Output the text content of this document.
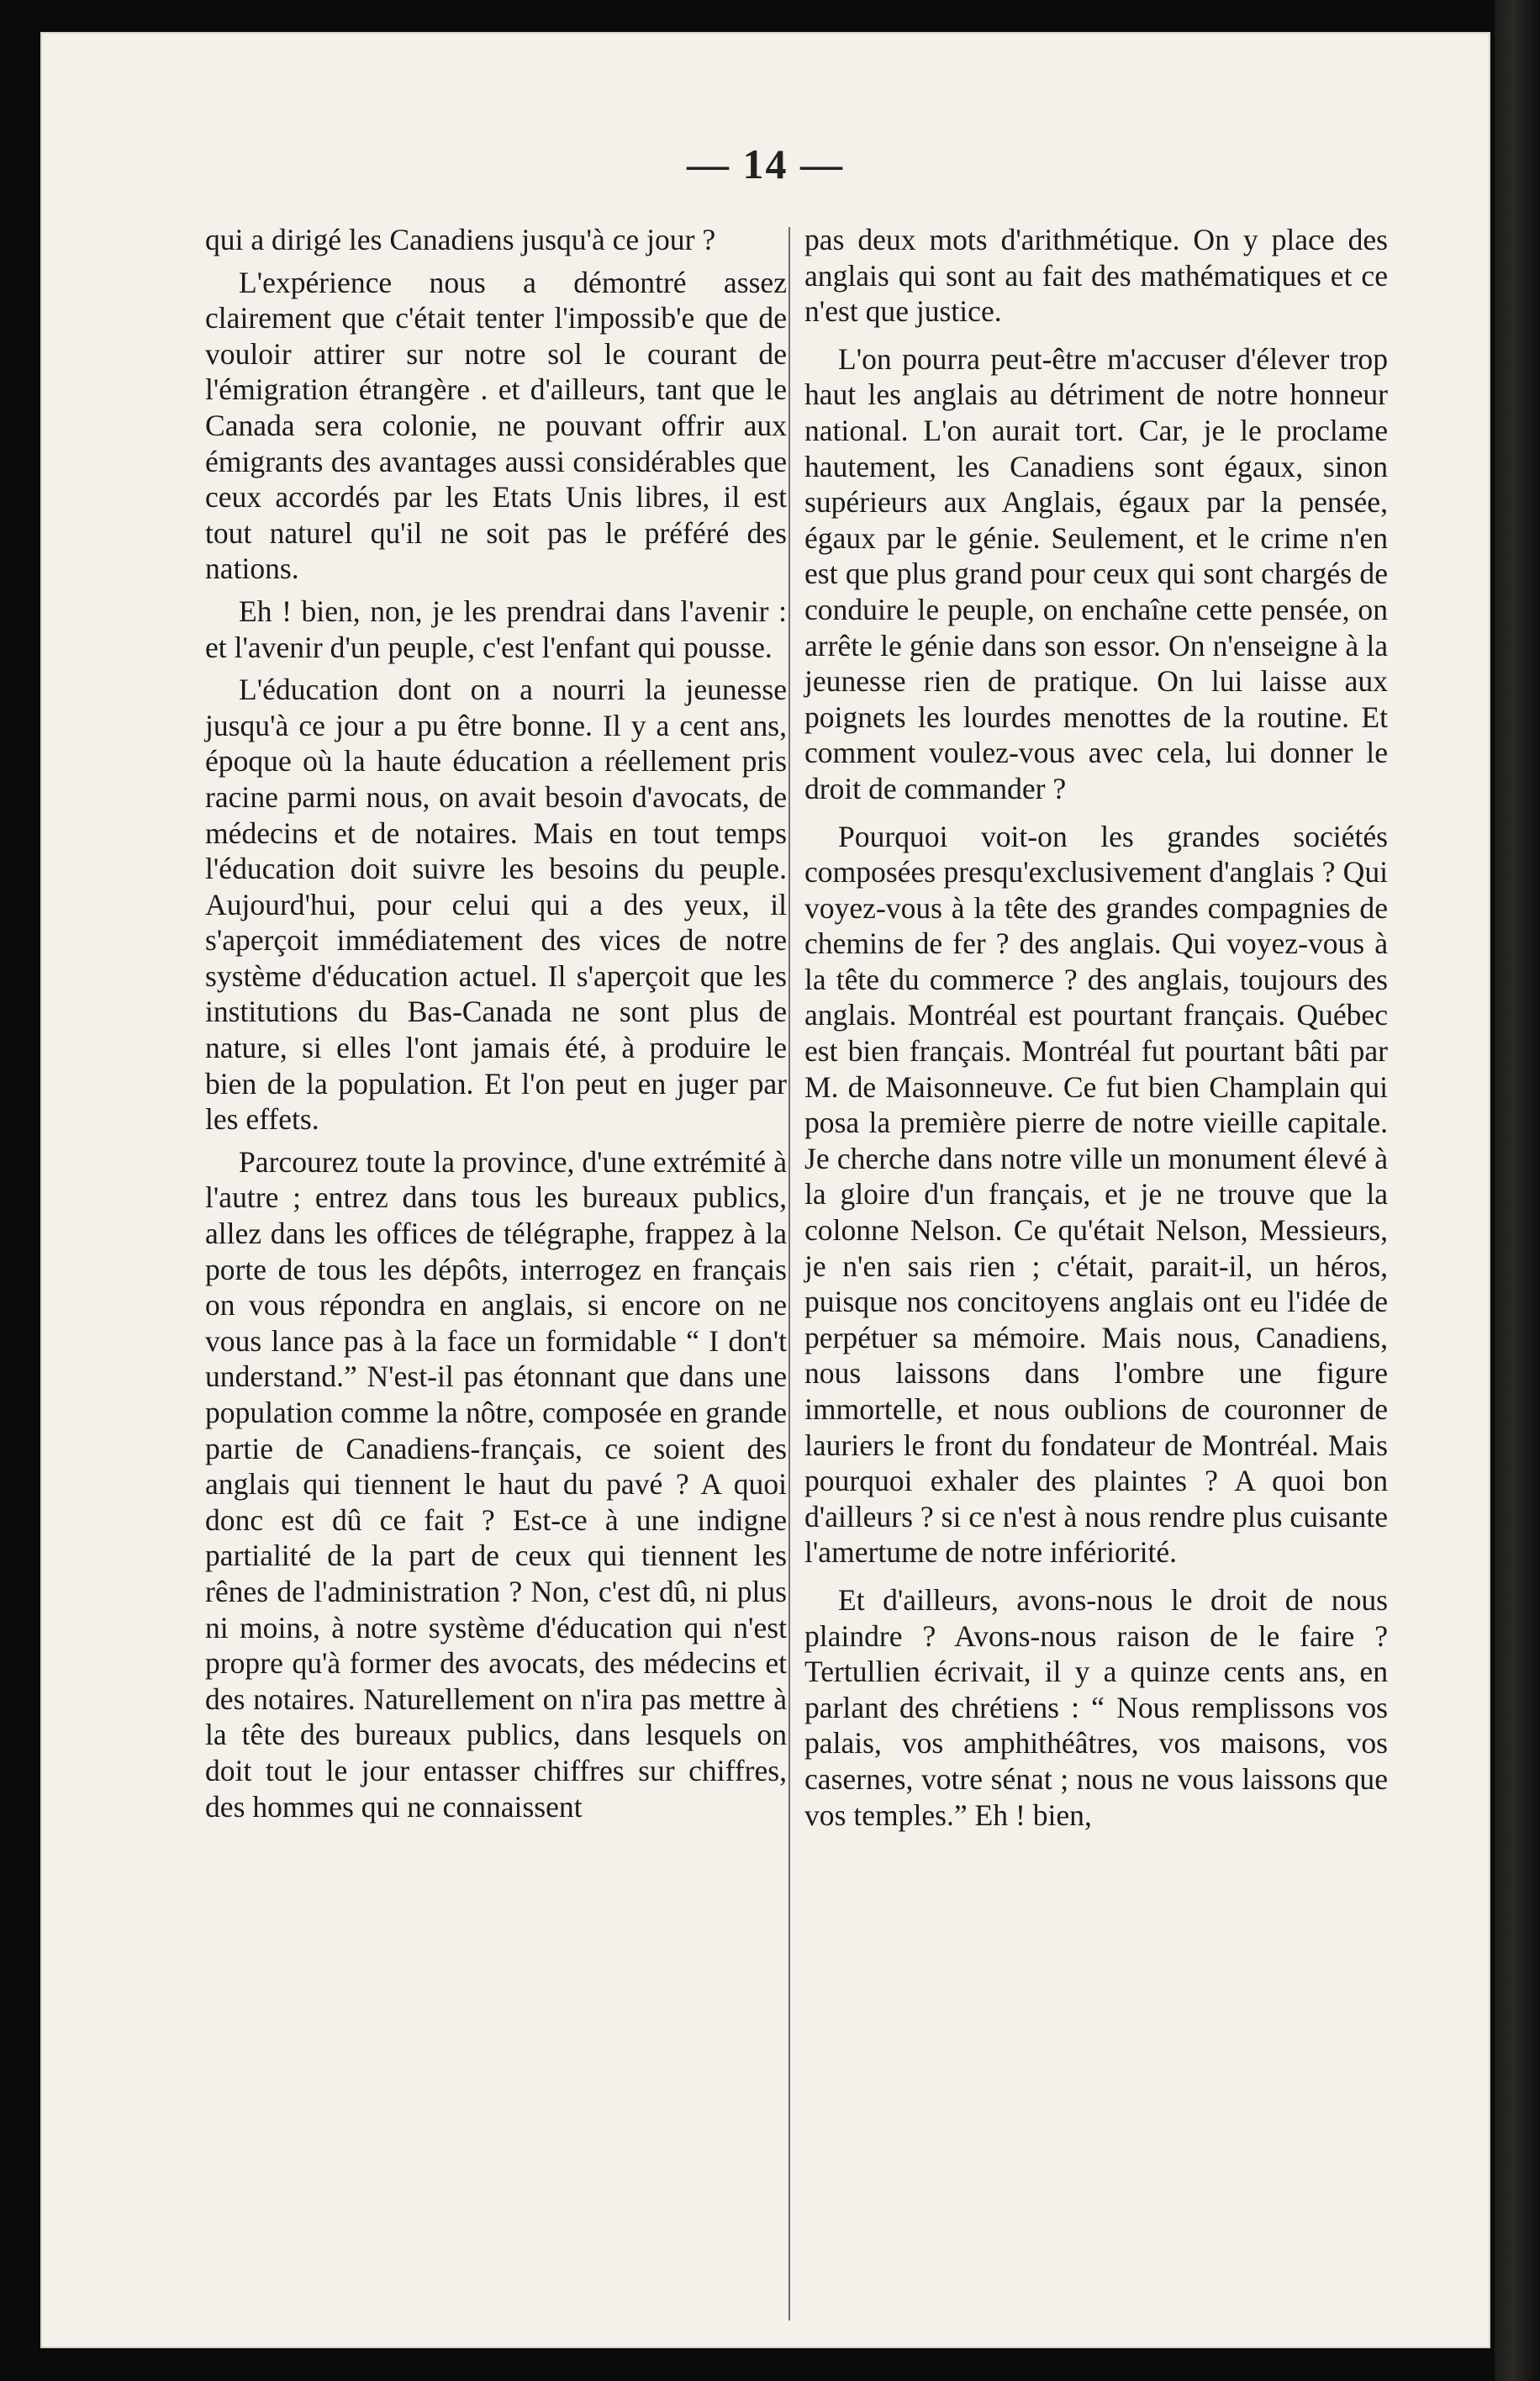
— 14 —

qui a dirigé les Canadiens jusqu'à ce jour ?

L'expérience nous a démontré assez clairement que c'était tenter l'impossib'e que de vouloir attirer sur notre sol le courant de l'émigration étrangère . et d'ailleurs, tant que le Canada sera colonie, ne pouvant offrir aux émigrants des avantages aussi considérables que ceux accordés par les Etats Unis libres, il est tout naturel qu'il ne soit pas le préféré des nations.

Eh ! bien, non, je les prendrai dans l'avenir : et l'avenir d'un peuple, c'est l'enfant qui pousse.

L'éducation dont on a nourri la jeunesse jusqu'à ce jour a pu être bonne. Il y a cent ans, époque où la haute éducation a réellement pris racine parmi nous, on avait besoin d'avocats, de médecins et de notaires. Mais en tout temps l'éducation doit suivre les besoins du peuple. Aujourd'hui, pour celui qui a des yeux, il s'aperçoit immédiatement des vices de notre système d'éducation actuel. Il s'aperçoit que les institutions du Bas-Canada ne sont plus de nature, si elles l'ont jamais été, à produire le bien de la population. Et l'on peut en juger par les effets.

Parcourez toute la province, d'une extrémité à l'autre ; entrez dans tous les bureaux publics, allez dans les offices de télégraphe, frappez à la porte de tous les dépôts, interrogez en français on vous répondra en anglais, si encore on ne vous lance pas à la face un formidable “ I don't understand.” N'est-il pas étonnant que dans une population comme la nôtre, composée en grande partie de Canadiens-français, ce soient des anglais qui tiennent le haut du pavé ? A quoi donc est dû ce fait ? Est-ce à une indigne partialité de la part de ceux qui tiennent les rênes de l'administration ? Non, c'est dû, ni plus ni moins, à notre système d'éducation qui n'est propre qu'à former des avocats, des médecins et des notaires. Naturellement on n'ira pas mettre à la tête des bureaux publics, dans lesquels on doit tout le jour entasser chiffres sur chiffres, des hommes qui ne connaissent

pas deux mots d'arithmétique. On y place des anglais qui sont au fait des mathématiques et ce n'est que justice.

L'on pourra peut-être m'accuser d'élever trop haut les anglais au détriment de notre honneur national. L'on aurait tort. Car, je le proclame hautement, les Canadiens sont égaux, sinon supérieurs aux Anglais, égaux par la pensée, égaux par le génie. Seulement, et le crime n'en est que plus grand pour ceux qui sont chargés de conduire le peuple, on enchaîne cette pensée, on arrête le génie dans son essor. On n'enseigne à la jeunesse rien de pratique. On lui laisse aux poignets les lourdes menottes de la routine. Et comment voulez-vous avec cela, lui donner le droit de commander ?

Pourquoi voit-on les grandes sociétés composées presqu'exclusivement d'anglais ? Qui voyez-vous à la tête des grandes compagnies de chemins de fer ? des anglais. Qui voyez-vous à la tête du commerce ? des anglais, toujours des anglais. Montréal est pourtant français. Québec est bien français. Montréal fut pourtant bâti par M. de Maisonneuve. Ce fut bien Champlain qui posa la première pierre de notre vieille capitale. Je cherche dans notre ville un monument élevé à la gloire d'un français, et je ne trouve que la colonne Nelson. Ce qu'était Nelson, Messieurs, je n'en sais rien ; c'était, parait-il, un héros, puisque nos concitoyens anglais ont eu l'idée de perpétuer sa mémoire. Mais nous, Canadiens, nous laissons dans l'ombre une figure immortelle, et nous oublions de couronner de lauriers le front du fondateur de Montréal. Mais pourquoi exhaler des plaintes ? A quoi bon d'ailleurs ? si ce n'est à nous rendre plus cuisante l'amertume de notre infériorité.

Et d'ailleurs, avons-nous le droit de nous plaindre ? Avons-nous raison de le faire ? Tertullien écrivait, il y a quinze cents ans, en parlant des chrétiens : “ Nous remplissons vos palais, vos amphithéâtres, vos maisons, vos casernes, votre sénat ; nous ne vous laissons que vos temples.” Eh ! bien,
